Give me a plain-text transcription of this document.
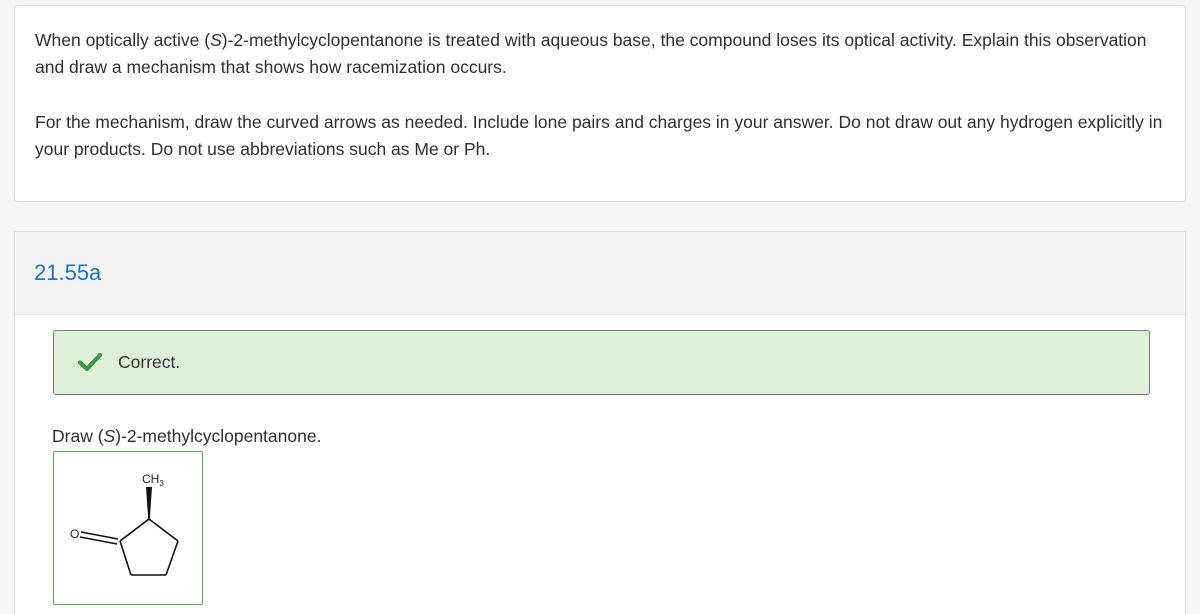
When optically active (S)-2-methylcyclopentanone is treated with aqueous base, the compound loses its optical activity. Explain this observation and draw a mechanism that shows how racemization occurs.

For the mechanism, draw the curved arrows as needed. Include lone pairs and charges in your answer. Do not draw out any hydrogen explicitly in your products. Do not use abbreviations such as Me or Ph.

21.55a
Correct.
Draw (S)-2-methylcyclopentanone.
O
$CH_3$
